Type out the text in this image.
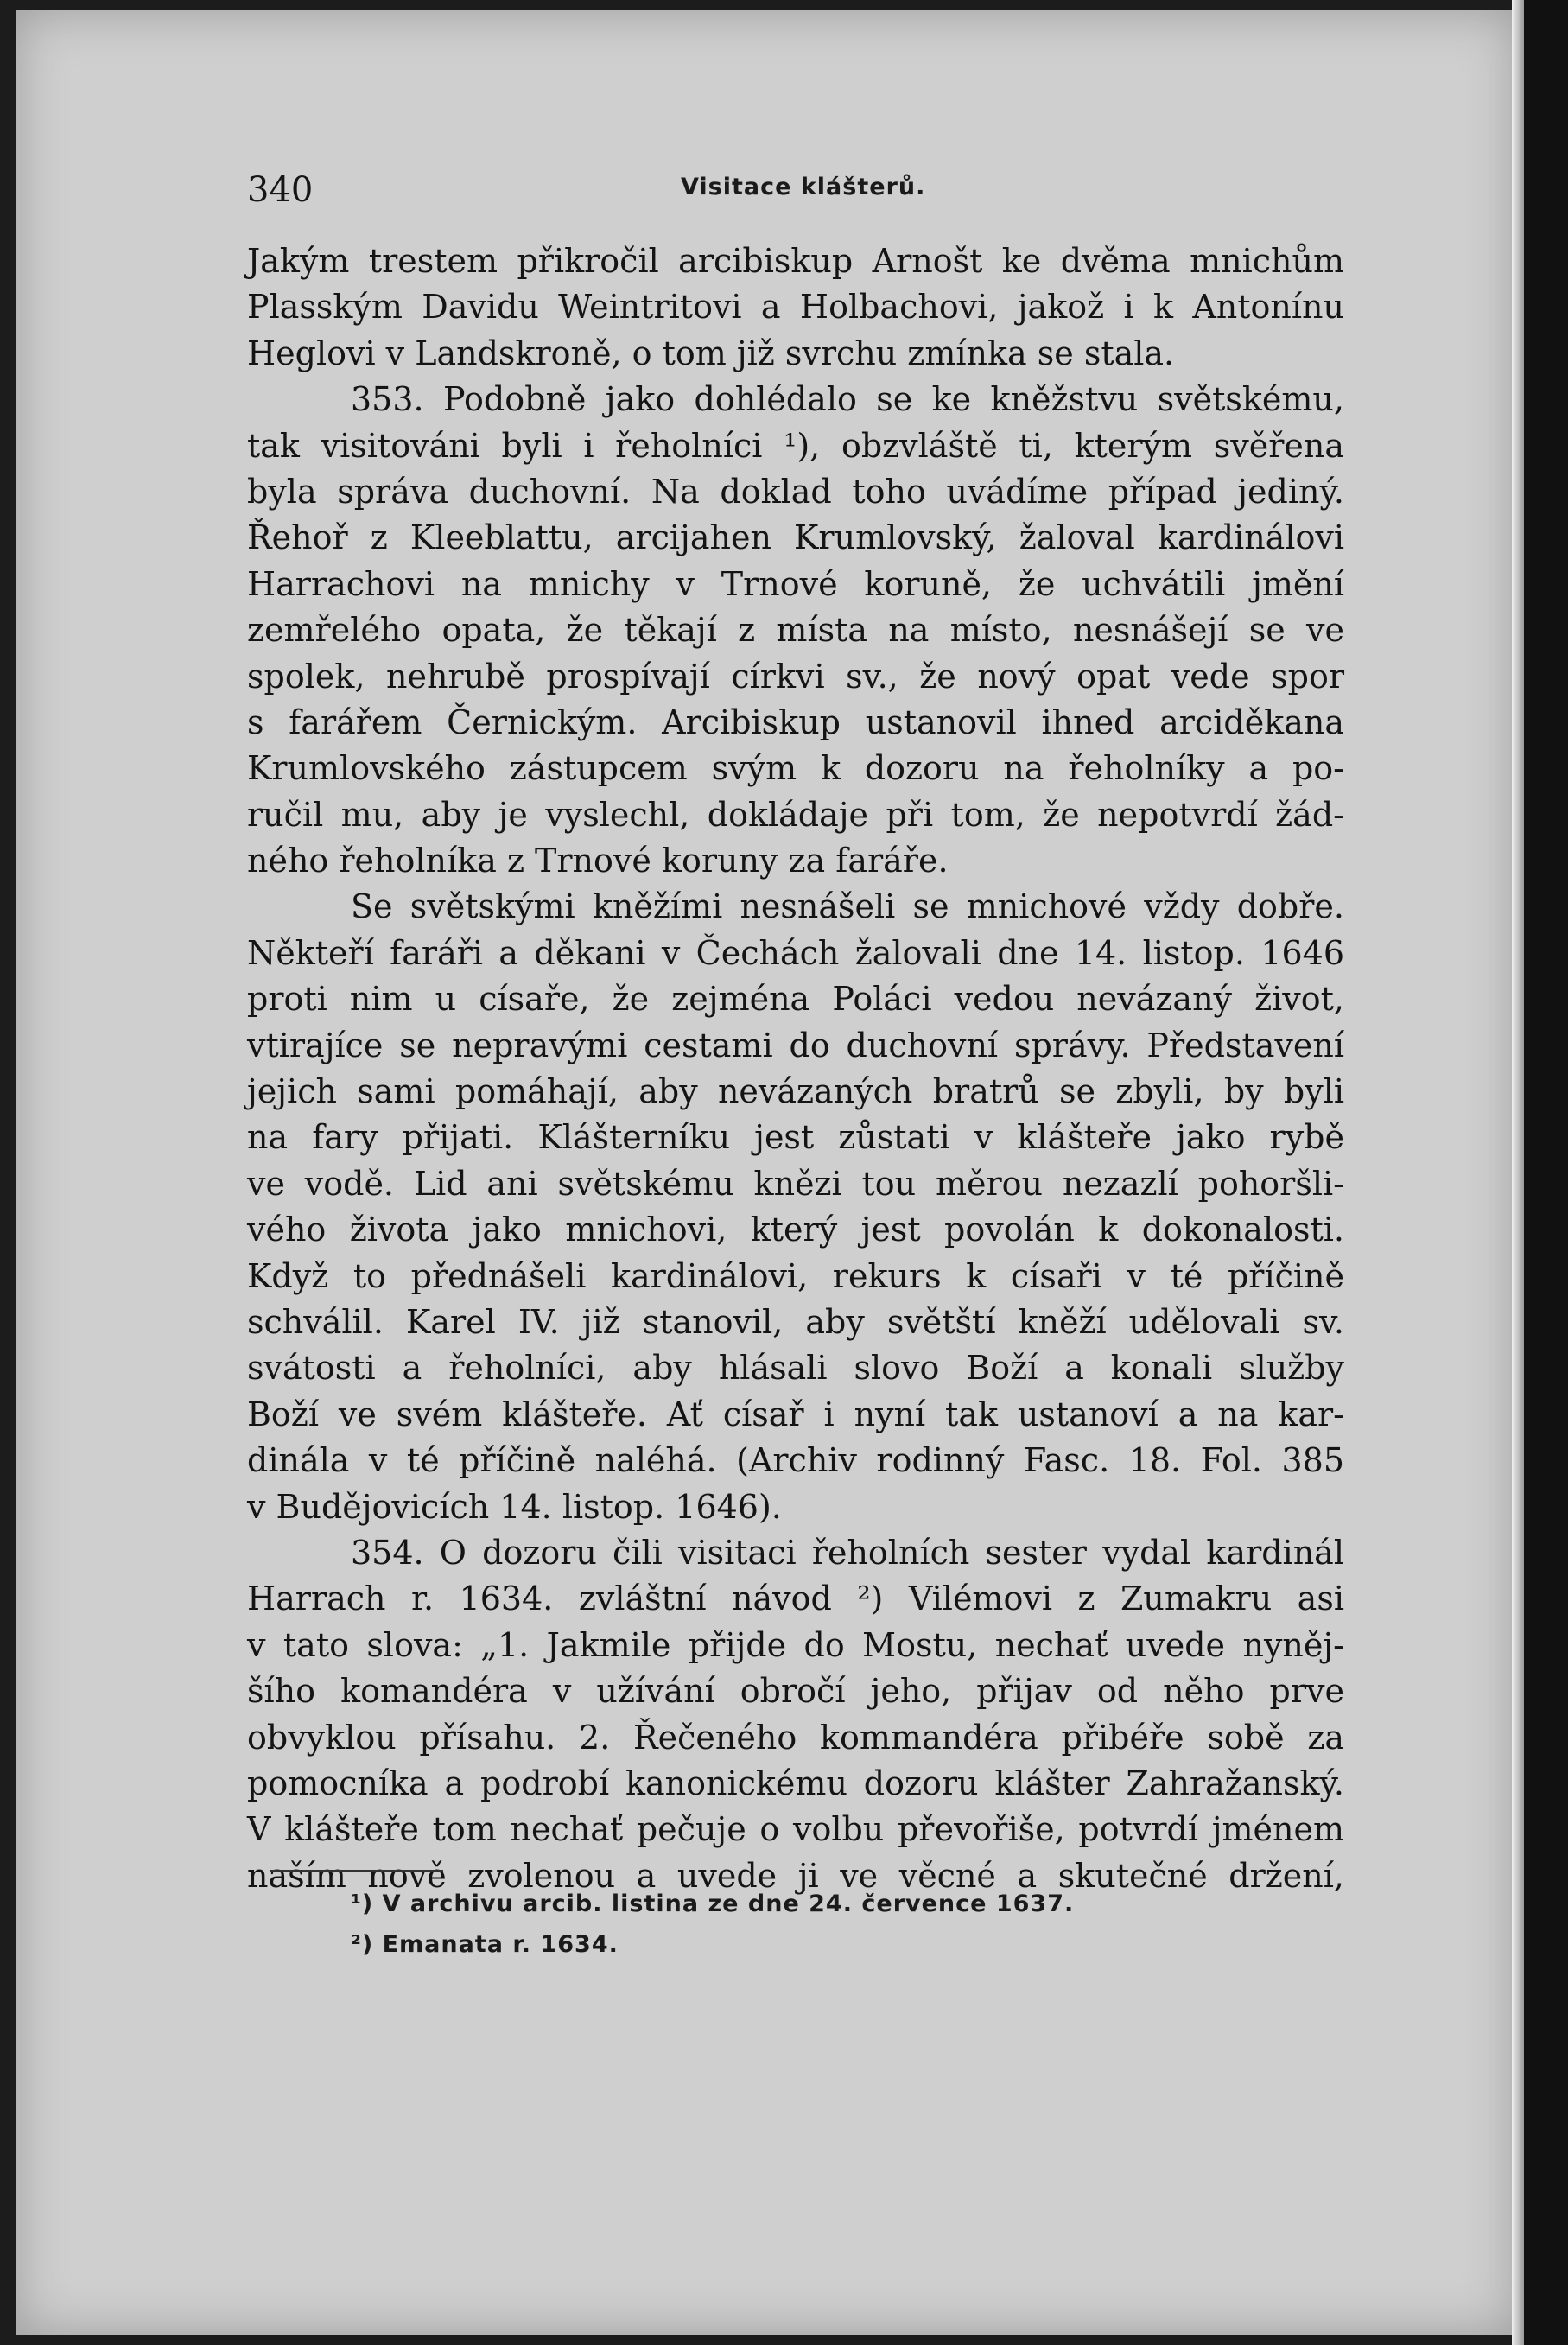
340	Visitace klášterů.
Jakým trestem přikročil arcibiskup Arnošt ke dvěma mnichům
Plasským Davidu Weintritovi a Holbachovi, jakož i k Antonínu
Heglovi v Landskroně, o tom již svrchu zmínka se stala.
353. Podobně jako dohlédalo se ke kněžstvu světskému,
tak visitováni byli i řeholníci ¹), obzvláště ti, kterým svěřena
byla správa duchovní. Na doklad toho uvádíme případ jediný.
Řehoř z Kleeblattu, arcijahen Krumlovský, žaloval kardinálovi
Harrachovi na mnichy v Trnové koruně, že uchvátili jmění
zemřelého opata, že těkají z místa na místo, nesnášejí se ve
spolek, nehrubě prospívají církvi sv., že nový opat vede spor
s farářem Černickým. Arcibiskup ustanovil ihned arciděkana
Krumlovského zástupcem svým k dozoru na řeholníky a po-
ručil mu, aby je vyslechl, dokládaje při tom, že nepotvrdí žád-
ného řeholníka z Trnové koruny za faráře.
Se světskými kněžími nesnášeli se mnichové vždy dobře.
Někteří faráři a děkani v Čechách žalovali dne 14. listop. 1646
proti nim u císaře, že zejména Poláci vedou nevázaný život,
vtirajíce se nepravými cestami do duchovní správy. Představení
jejich sami pomáhají, aby nevázaných bratrů se zbyli, by byli
na fary přijati. Klášterníku jest zůstati v klášteře jako rybě
ve vodě. Lid ani světskému knězi tou měrou nezazlí pohoršli-
vého života jako mnichovi, který jest povolán k dokonalosti.
Když to přednášeli kardinálovi, rekurs k císaři v té příčině
schválil. Karel IV. již stanovil, aby světští kněží udělovali sv.
svátosti a řeholníci, aby hlásali slovo Boží a konali služby
Boží ve svém klášteře. Ať císař i nyní tak ustanoví a na kar-
dinála v té příčině naléhá. (Archiv rodinný Fasc. 18. Fol. 385
v Budějovicích 14. listop. 1646).
354. O dozoru čili visitaci řeholních sester vydal kardinál
Harrach r. 1634. zvláštní návod ²) Vilémovi z Zumakru asi
v tato slova: „1. Jakmile přijde do Mostu, nechať uvede nyněj-
šího komandéra v užívání obročí jeho, přijav od něho prve
obvyklou přísahu. 2. Řečeného kommandéra přibéře sobě za
pomocníka a podrobí kanonickému dozoru klášter Zahražanský.
V klášteře tom nechať pečuje o volbu převořiše, potvrdí jménem
naším nově zvolenou a uvede ji ve věcné a skutečné držení,
¹) V archivu arcib. listina ze dne 24. července 1637.
²) Emanata r. 1634.
